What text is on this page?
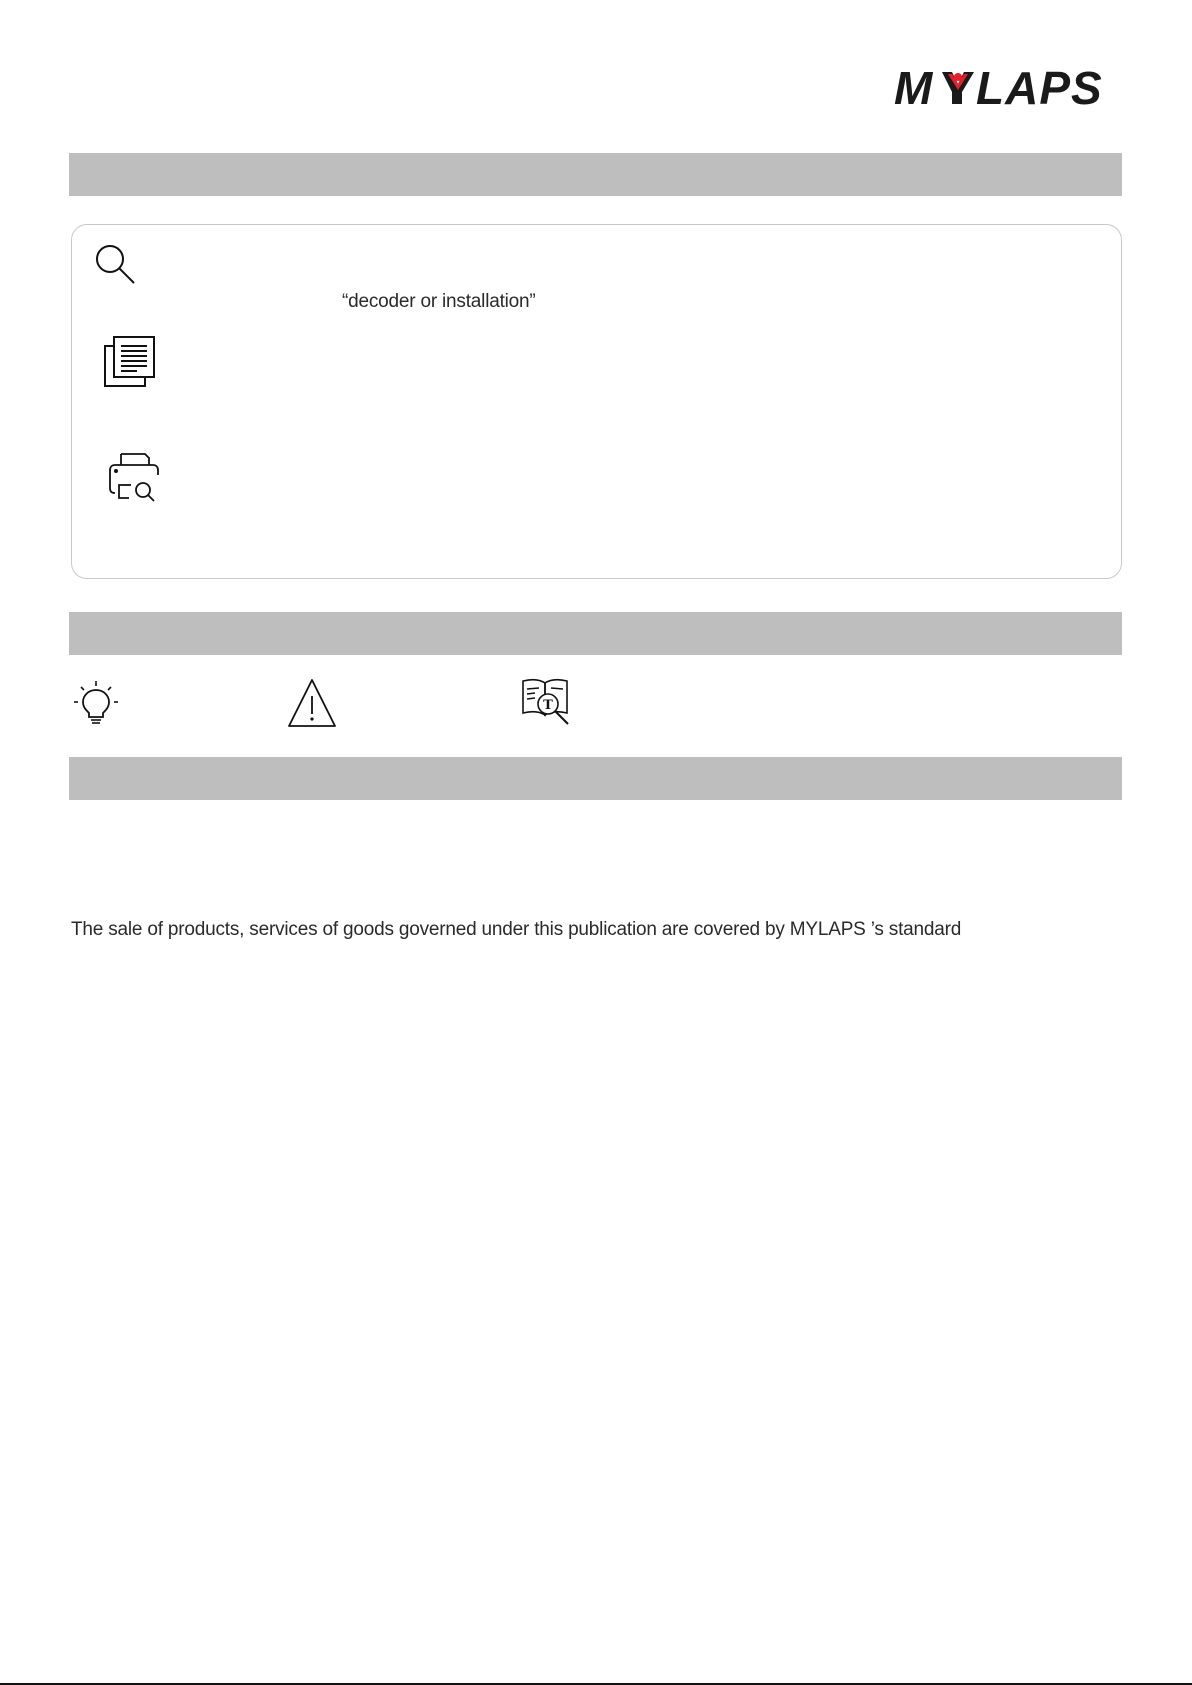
M LAPS
“decoder or installation”
T
The sale of products, services of goods governed under this publication are covered by MYLAPS ’s standard
